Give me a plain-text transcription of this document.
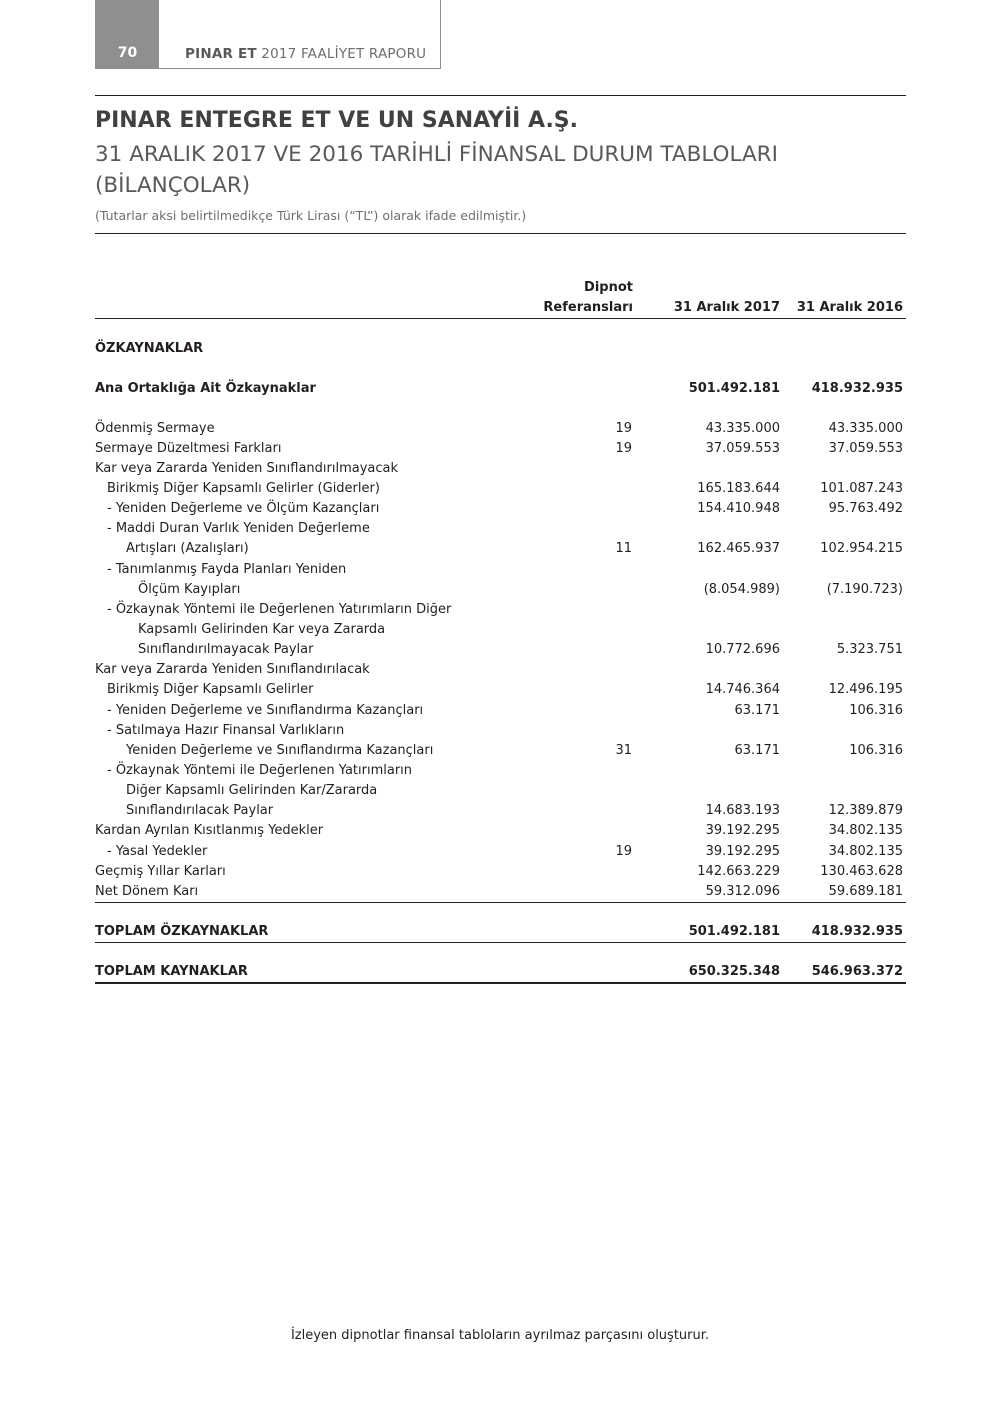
70	PINAR ET 2017 FAALİYET RAPORU
PINAR ENTEGRE ET VE UN SANAYİİ A.Ş.
31 ARALIK 2017 VE 2016 TARİHLİ FİNANSAL DURUM TABLOLARI (BİLANÇOLAR)
(Tutarlar aksi belirtilmedikçe Türk Lirası (“TL”) olarak ifade edilmiştir.)
Dipnot
Referansları	31 Aralık 2017	31 Aralık 2016
ÖZKAYNAKLAR
Ana Ortaklığa Ait Özkaynaklar	501.492.181 418.932.935
Ödenmiş Sermaye	19	43.335.000	43.335.000
Sermaye Düzeltmesi Farkları	19	37.059.553	37.059.553
Kar veya Zararda Yeniden Sınıflandırılmayacak
Birikmiş Diğer Kapsamlı Gelirler (Giderler)	165.183.644	101.087.243
- Yeniden Değerleme ve Ölçüm Kazançları	154.410.948	95.763.492
- Maddi Duran Varlık Yeniden Değerleme
Artışları (Azalışları)	11	162.465.937	102.954.215
- Tanımlanmış Fayda Planları Yeniden
Ölçüm Kayıpları	(8.054.989)	(7.190.723)
- Özkaynak Yöntemi ile Değerlenen Yatırımların Diğer
Kapsamlı Gelirinden Kar veya Zararda
Sınıflandırılmayacak Paylar	10.772.696	5.323.751
Kar veya Zararda Yeniden Sınıflandırılacak
Birikmiş Diğer Kapsamlı Gelirler	14.746.364	12.496.195
- Yeniden Değerleme ve Sınıflandırma Kazançları	63.171	106.316
- Satılmaya Hazır Finansal Varlıkların
Yeniden Değerleme ve Sınıflandırma Kazançları	31	63.171	106.316
- Özkaynak Yöntemi ile Değerlenen Yatırımların
Diğer Kapsamlı Gelirinden Kar/Zararda
Sınıflandırılacak Paylar	14.683.193	12.389.879
Kardan Ayrılan Kısıtlanmış Yedekler	39.192.295	34.802.135
- Yasal Yedekler	19	39.192.295	34.802.135
Geçmiş Yıllar Karları	142.663.229	130.463.628
Net Dönem Karı	59.312.096	59.689.181
TOPLAM ÖZKAYNAKLAR	501.492.181 418.932.935
TOPLAM KAYNAKLAR	650.325.348 546.963.372
İzleyen dipnotlar finansal tabloların ayrılmaz parçasını oluşturur.
